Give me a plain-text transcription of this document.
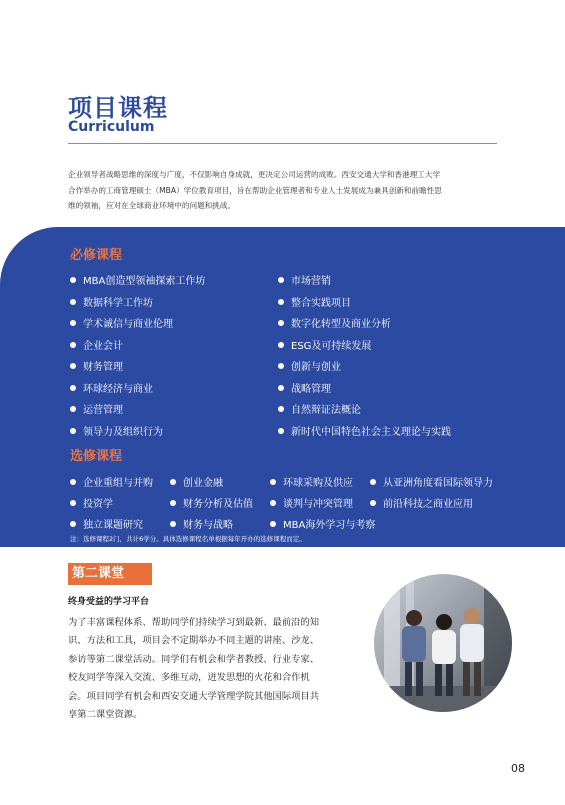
项目课程
Curriculum
企业领导者战略思维的深度与广度，不仅影响自身成就，更决定公司运营的成败。西安交通大学和香港理工大学
合作举办的工商管理硕士（MBA）学位教育项目，旨在帮助企业管理者和专业人士发展成为兼具创新和前瞻性思
维的领袖，应对在全球商业环境中的问题和挑战。
必修课程
MBA创造型领袖探索工作坊
数据科学工作坊
学术诚信与商业伦理
企业会计
财务管理
环球经济与商业
运营管理
领导力及组织行为
市场营销
整合实践项目
数字化转型及商业分析
ESG及可持续发展
创新与创业
战略管理
自然辩证法概论
新时代中国特色社会主义理论与实践
选修课程
企业重组与并购	创业金融	环球采购及供应	从亚洲角度看国际领导力
投资学	财务分析及估值	谈判与冲突管理	前沿科技之商业应用
独立课题研究	财务与战略	MBA海外学习与考察
注：选修课程2门，共计6学分。具体选修课程名单根据每年开办的选修课程而定。
第二课堂
终身受益的学习平台
为了丰富课程体系、帮助同学们持续学习到最新、最前沿的知
识、方法和工具，项目会不定期举办不同主题的讲座、沙龙、
参访等第二课堂活动。同学们有机会和学者教授、行业专家、
校友同学等深入交流、多维互动，迸发思想的火花和合作机
会。项目同学有机会和西安交通大学管理学院其他国际项目共
享第二课堂资源。
08
